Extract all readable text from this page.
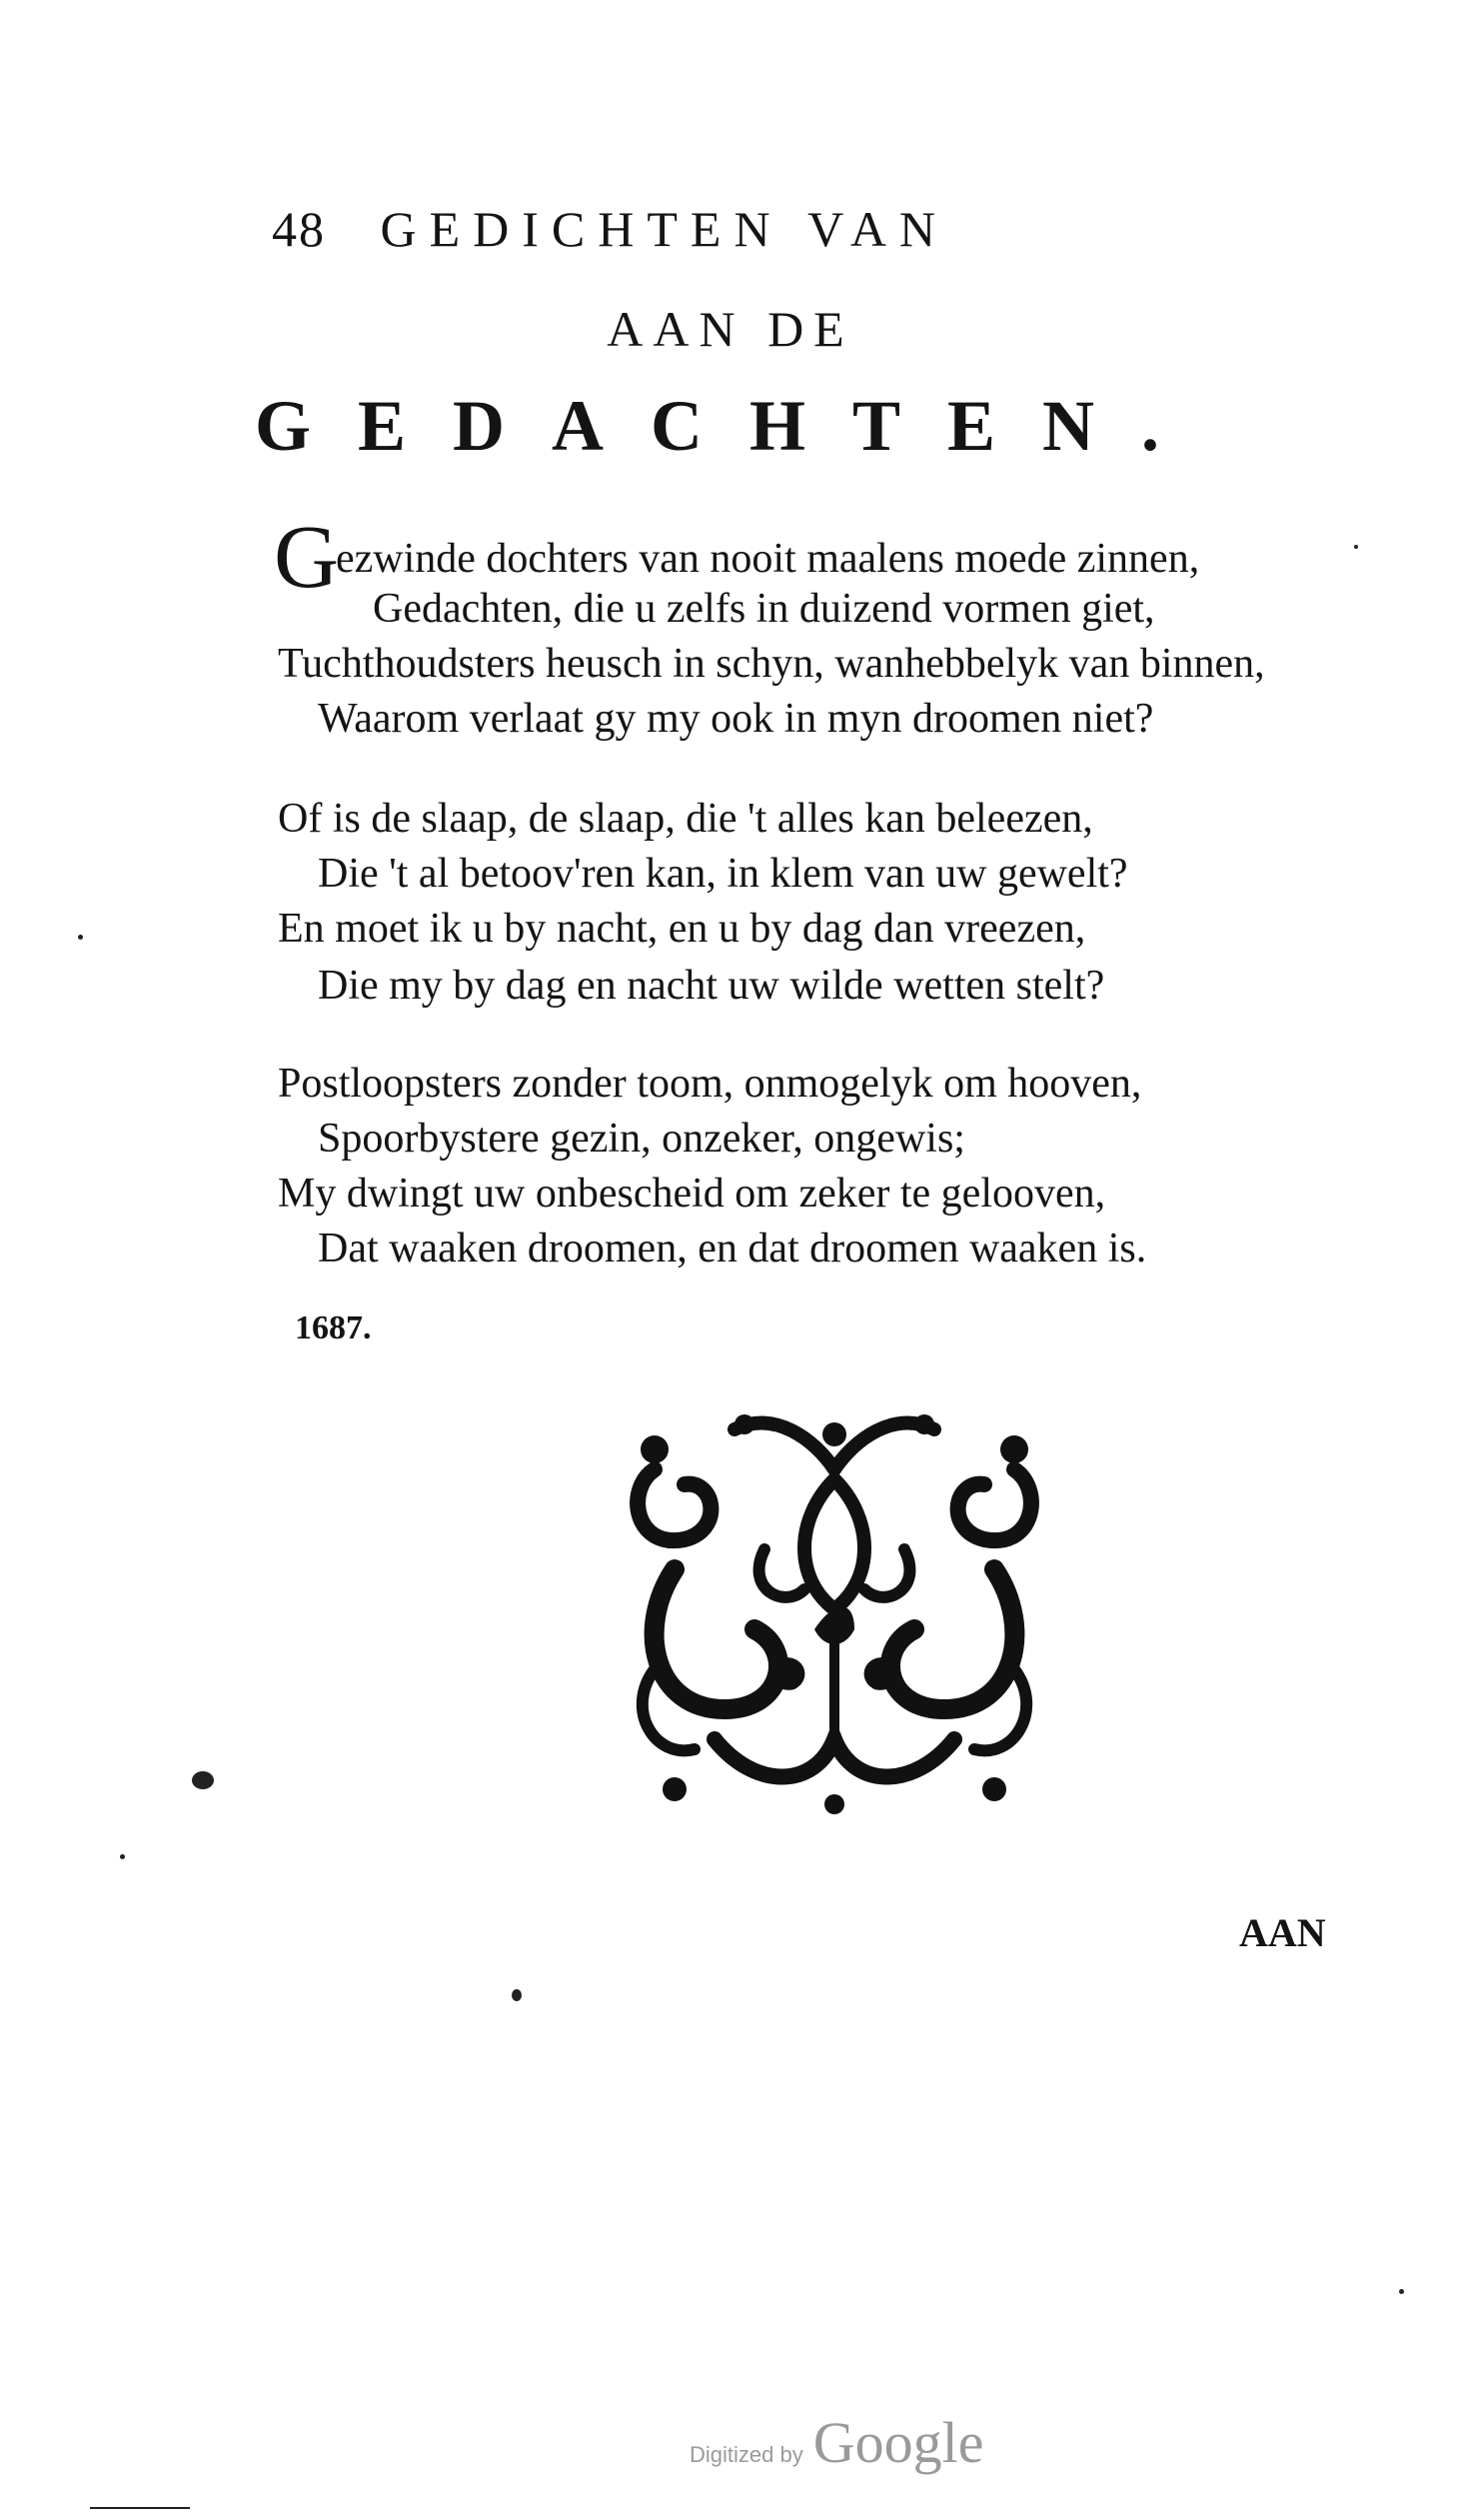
48 GEDICHTEN VAN
AAN DE
GEDACHTEN.
G
ezwinde dochters van nooit maalens moede zinnen,
Gedachten, die u zelfs in duizend vormen giet,
Tuchthoudsters heusch in schyn, wanhebbelyk van binnen,
Waarom verlaat gy my ook in myn droomen niet?
Of is de slaap, de slaap, die 't alles kan beleezen,
Die 't al betoov'ren kan, in klem van uw gewelt?
En moet ik u by nacht, en u by dag dan vreezen,
Die my by dag en nacht uw wilde wetten stelt?
Postloopsters zonder toom, onmogelyk om hooven,
Spoorbystere gezin, onzeker, ongewis;
My dwingt uw onbescheid om zeker te gelooven,
Dat waaken droomen, en dat droomen waaken is.
1687.
AAN
Digitized by Google
